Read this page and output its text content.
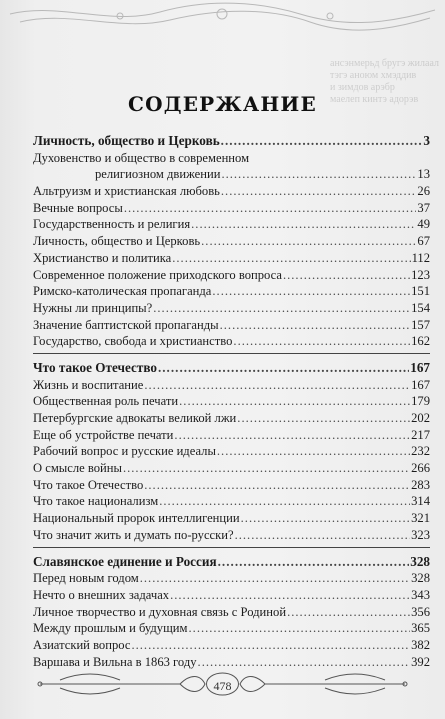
ансэнмерьд бругэ жилаал
тэгэ аноюм хмэддив
и зимдов арэбр
маелеп кинтэ адорэв
СОДЕРЖАНИЕ
Личность, общество и Церковь .....	3
Духовенство и общество в современном
религиозном движении .....	13
Альтруизм и христианская любовь .....	26
Вечные вопросы .....	37
Государственность и религия .....	49
Личность, общество и Церковь .....	67
Христианство и политика .....	112
Современное положение приходского вопроса .....	123
Римско-католическая пропаганда .....	151
Нужны ли принципы? .....	154
Значение баптистской пропаганды .....	157
Государство, свобода и христианство .....	162
Что такое Отечество .....	167
Жизнь и воспитание .....	167
Общественная роль печати .....	179
Петербургские адвокаты великой лжи .....	202
Еще об устройстве печати .....	217
Рабочий вопрос и русские идеалы .....	232
О смысле войны .....	266
Что такое Отечество .....	283
Что такое национализм .....	314
Национальный пророк интеллигенции .....	321
Что значит жить и думать по-русски? .....	323
Славянское единение и Россия .....	328
Перед новым годом .....	328
Нечто о внешних задачах .....	343
Личное творчество и духовная связь с Родиной .....	356
Между прошлым и будущим .....	365
Азиатский вопрос .....	382
Варшава и Вильна в 1863 году .....	392
478
